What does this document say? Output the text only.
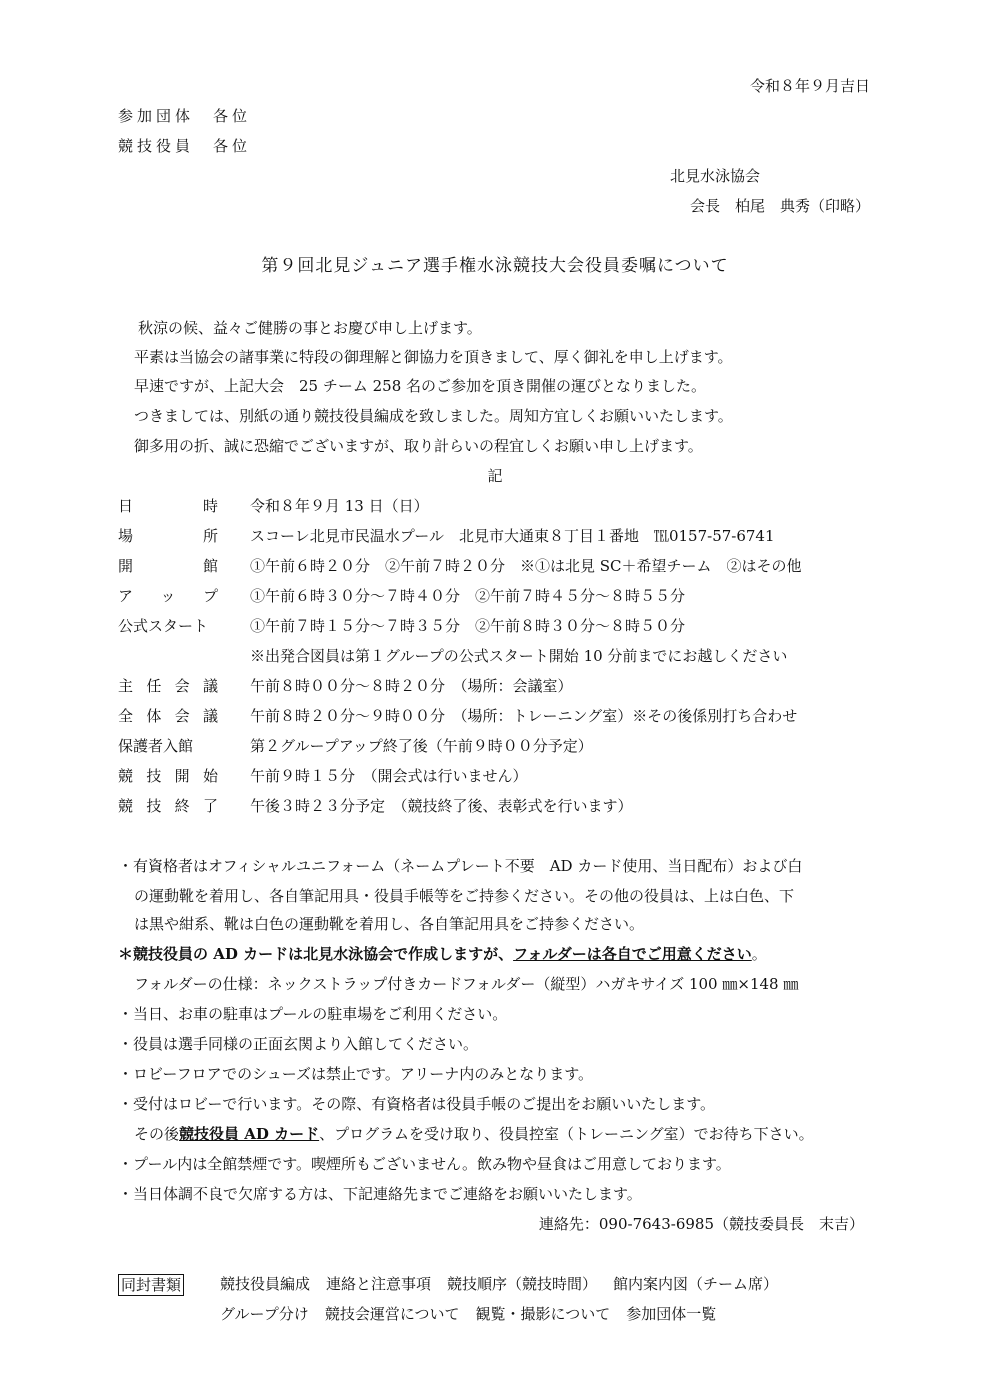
令和８年９月吉日
参加団体　各位
競技役員　各位
北見水泳協会
会長　柏尾　典秀（印略）
第９回北見ジュニア選手権水泳競技大会役員委嘱について
秋涼の候、益々ご健勝の事とお慶び申し上げます。
平素は当協会の諸事業に特段の御理解と御協力を頂きまして、厚く御礼を申し上げます。
早速ですが、上記大会　25 チーム 258 名のご参加を頂き開催の運びとなりました。
つきましては、別紙の通り競技役員編成を致しました。周知方宜しくお願いいたします。
御多用の折、誠に恐縮でございますが、取り計らいの程宜しくお願い申し上げます。
記
日	時 令和８年９月 13 日（日）
場	所 スコーレ北見市民温水プール　北見市大通東８丁目１番地　℡0157-57-6741
開	館 ①午前６時２０分　②午前７時２０分　※①は北見 SC＋希望チーム　②はその他
ア ッ プ ①午前６時３０分～７時４０分　②午前７時４５分～８時５５分
公式スタート	①午前７時１５分～７時３５分　②午前８時３０分～８時５０分
※出発合図員は第１グループの公式スタート開始 10 分前までにお越しください
主 任 会 議 午前８時００分～８時２０分　（場所：会議室）
全 体 会 議 午前８時２０分～９時００分　（場所：トレーニング室）※その後係別打ち合わせ
保護者入館	第２グループアップ終了後（午前９時００分予定）
競 技 開 始 午前９時１５分　（開会式は行いません）
競 技 終 了 午後３時２３分予定　（競技終了後、表彰式を行います）
・有資格者はオフィシャルユニフォーム（ネームプレート不要　AD カード使用、当日配布）および白
の運動靴を着用し、各自筆記用具・役員手帳等をご持参ください。その他の役員は、上は白色、下
は黒や紺系、靴は白色の運動靴を着用し、各自筆記用具をご持参ください。
＊競技役員の AD カードは北見水泳協会で作成しますが、フォルダーは各自でご用意ください。
フォルダーの仕様：ネックストラップ付きカードフォルダー（縦型）ハガキサイズ 100 ㎜×148 ㎜
・当日、お車の駐車はプールの駐車場をご利用ください。
・役員は選手同様の正面玄関より入館してください。
・ロビーフロアでのシューズは禁止です。アリーナ内のみとなります。
・受付はロビーで行います。その際、有資格者は役員手帳のご提出をお願いいたします。
その後競技役員 AD カード、プログラムを受け取り、役員控室（トレーニング室）でお待ち下さい。
・プール内は全館禁煙です。喫煙所もございません。飲み物や昼食はご用意しております。
・当日体調不良で欠席する方は、下記連絡先までご連絡をお願いいたします。
連絡先：090-7643-6985（競技委員長　末吉）
同封書類	競技役員編成 連絡と注意事項 競技順序（競技時間） 館内案内図（チーム席）
グループ分け 競技会運営について 観覧・撮影について 参加団体一覧
